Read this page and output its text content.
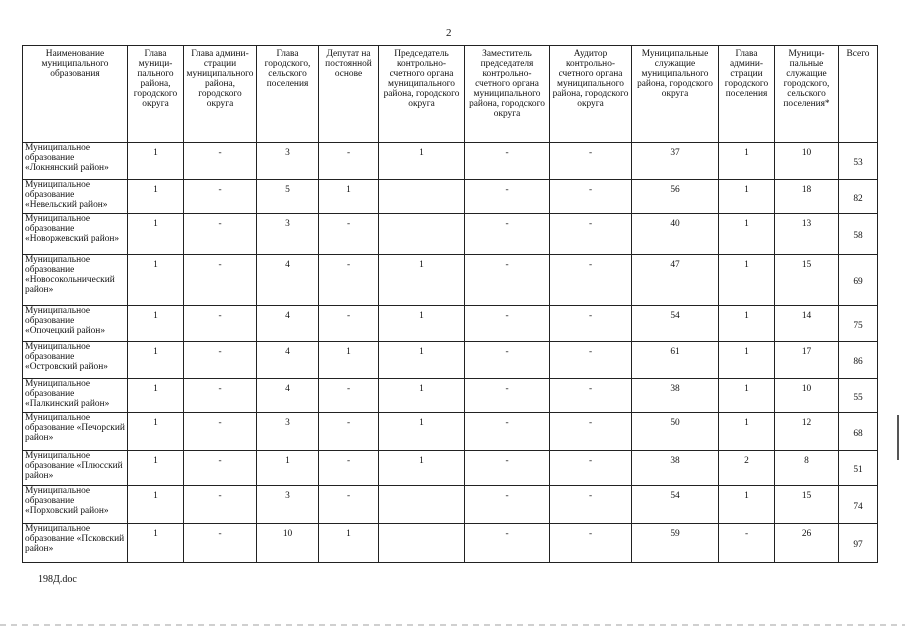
2
Наименование муниципального образования	Глава муници-пального района, городского округа	Глава админи-страции муниципального района, городского округа	Глава городского, сельского поселения	Депутат на постоянной основе	Председатель контрольно-счетного органа муниципального района, городского округа	Заместитель председателя контрольно-счетного органа муниципального района, городского округа	Аудитор контрольно-счетного органа муниципального района, городского округа	Муниципальные служащие муниципального района, городского округа	Глава админи-страции городского поселения	Муници-пальные служащие городского, сельского поселения*	Всего
Муниципальное образование «Локнянский район»	1	-	3	-	1	-	-	37	1	10	53
Муниципальное образование «Невельский район»	1	-	5	1		-	-	56	1	18	82
Муниципальное образование «Новоржевский район»	1	-	3	-		-	-	40	1	13	58
Муниципальное образование «Новосокольнический район»	1	-	4	-	1	-	-	47	1	15	69
Муниципальное образование «Опочецкий район»	1	-	4	-	1	-	-	54	1	14	75
Муниципальное образование «Островский район»	1	-	4	1	1	-	-	61	1	17	86
Муниципальное образование «Палкинский район»	1	-	4	-	1	-	-	38	1	10	55
Муниципальное образование «Печорский район»	1	-	3	-	1	-	-	50	1	12	68
Муниципальное образование «Плюсский район»	1	-	1	-	1	-	-	38	2	8	51
Муниципальное образование «Порховский район»	1	-	3	-		-	-	54	1	15	74
Муниципальное образование «Псковский район»	1	-	10	1		-	-	59	-	26	97
198Д.doc
